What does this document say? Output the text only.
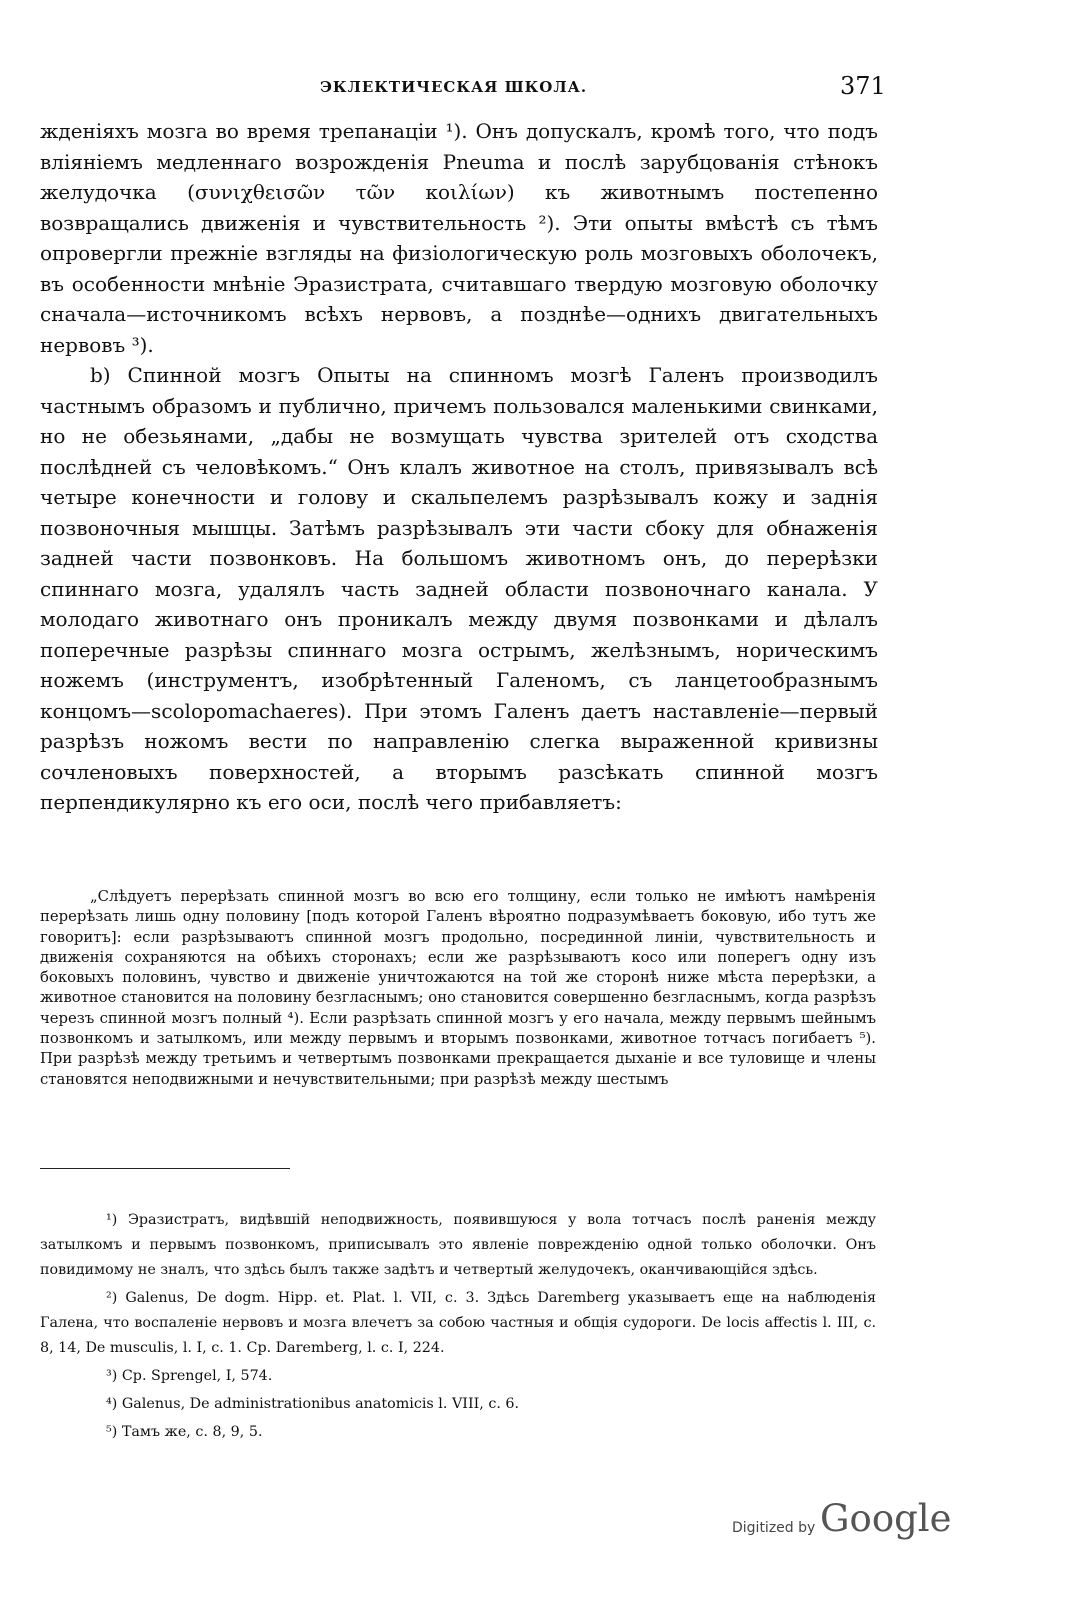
ЭКЛЕКТИЧЕСКАЯ ШКОЛА.	371

жденіяхъ мозга во время трепанаціи ¹). Онъ допускалъ, кромѣ того, что подъ вліяніемъ медленнаго возрожденія Pneuma и послѣ зарубцованія стѣнокъ желудочка (συνιχθεισῶν τῶν κοιλίων) къ животнымъ постепенно возвращались движенія и чувствительность ²). Эти опыты вмѣстѣ съ тѣмъ опровергли прежніе взгляды на физіологическую роль мозговыхъ оболочекъ, въ особенности мнѣніе Эразистрата, считавшаго твердую мозговую оболочку сначала—источникомъ всѣхъ нервовъ, а позднѣе—однихъ двигательныхъ нервовъ ³).

b) Спинной мозгъ Опыты на спинномъ мозгѣ Галенъ производилъ частнымъ образомъ и публично, причемъ пользовался маленькими свинками, но не обезьянами, „дабы не возмущать чувства зрителей отъ сходства послѣдней съ человѣкомъ.“ Онъ клалъ животное на столъ, привязывалъ всѣ четыре конечности и голову и скальпелемъ разрѣзывалъ кожу и заднія позвоночныя мышцы. Затѣмъ разрѣзывалъ эти части сбоку для обнаженія задней части позвонковъ. На большомъ животномъ онъ, до перерѣзки спиннаго мозга, удалялъ часть задней области позвоночнаго канала. У молодаго животнаго онъ проникалъ между двумя позвонками и дѣлалъ поперечные разрѣзы спиннаго мозга острымъ, желѣзнымъ, норическимъ ножемъ (инструментъ, изобрѣтенный Галеномъ, съ ланцетообразнымъ концомъ—scolopomachaeres). При этомъ Галенъ даетъ наставленіе—первый разрѣзъ ножомъ вести по направленію слегка выраженной кривизны сочленовыхъ поверхностей, а вторымъ разсѣкать спинной мозгъ перпендикулярно къ его оси, послѣ чего прибавляетъ:

„Слѣдуетъ перерѣзать спинной мозгъ во всю его толщину, если только не имѣютъ намѣренія перерѣзать лишь одну половину [подъ которой Галенъ вѣроятно подразумѣваетъ боковую, ибо тутъ же говоритъ]: если разрѣзываютъ спинной мозгъ продольно, посрединной линіи, чувствительность и движенія сохраняются на обѣихъ сторонахъ; если же разрѣзываютъ косо или поперегъ одну изъ боковыхъ половинъ, чувство и движеніе уничтожаются на той же сторонѣ ниже мѣста перерѣзки, а животное становится на половину безгласнымъ; оно становится совершенно безгласнымъ, когда разрѣзъ черезъ спинной мозгъ полный ⁴). Если разрѣзать спинной мозгъ у его начала, между первымъ шейнымъ позвонкомъ и затылкомъ, или между первымъ и вторымъ позвонками, животное тотчасъ погибаетъ ⁵). При разрѣзѣ между третьимъ и четвертымъ позвонками прекращается дыханіе и все туловище и члены становятся неподвижными и нечувствительными; при разрѣзѣ между шестымъ

¹) Эразистратъ, видѣвшій неподвижность, появившуюся у вола тотчасъ послѣ раненія между затылкомъ и первымъ позвонкомъ, приписывалъ это явленіе поврежденію одной только оболочки. Онъ повидимому не зналъ, что здѣсь былъ также задѣтъ и четвертый желудочекъ, оканчивающійся здѣсь.

²) Galenus, De dogm. Hipp. et. Plat. l. VII, c. 3. Здѣсь Daremberg указываетъ еще на наблюденія Галена, что воспаленіе нервовъ и мозга влечетъ за собою частныя и общія судороги. De locis affectis l. III, c. 8, 14, De musculis, l. I, c. 1. Cp. Daremberg, l. c. I, 224.

³) Cp. Sprengel, I, 574.

⁴) Galenus, De administrationibus anatomicis l. VIII, c. 6.

⁵) Тамъ же, с. 8, 9, 5.

Digitized by Google
